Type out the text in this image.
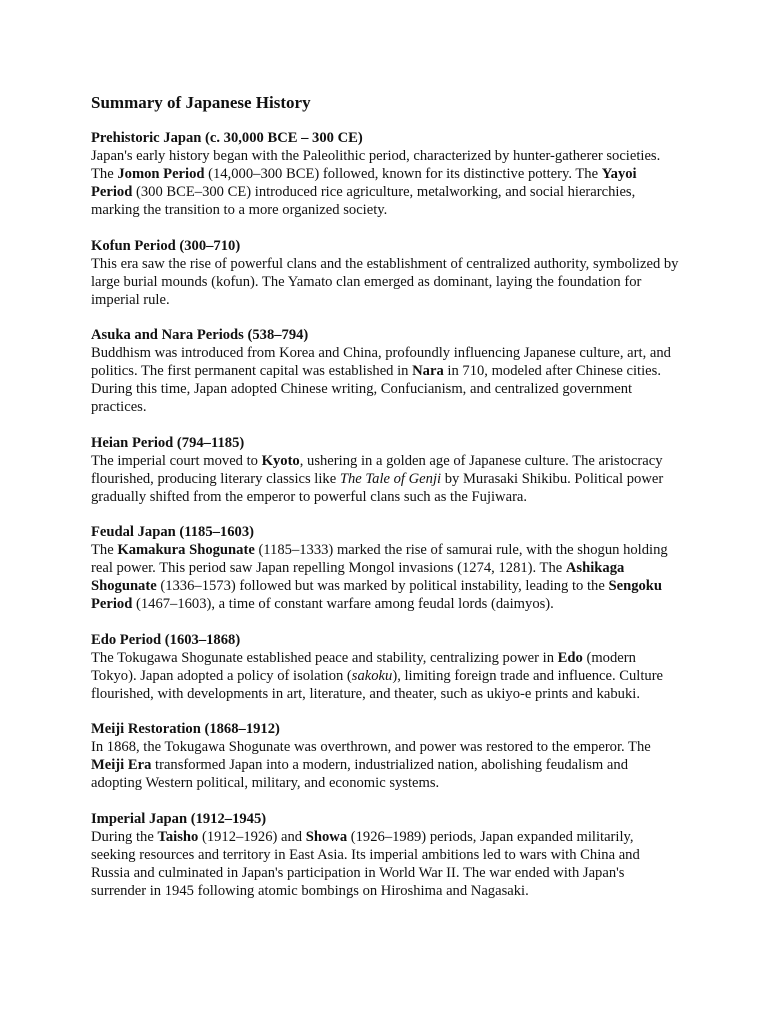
Summary of Japanese History

Prehistoric Japan (c. 30,000 BCE – 300 CE)

Japan's early history began with the Paleolithic period, characterized by hunter-gatherer societies. The Jomon Period (14,000–300 BCE) followed, known for its distinctive pottery. The Yayoi Period (300 BCE–300 CE) introduced rice agriculture, metalworking, and social hierarchies, marking the transition to a more organized society.

Kofun Period (300–710)

This era saw the rise of powerful clans and the establishment of centralized authority, symbolized by large burial mounds (kofun). The Yamato clan emerged as dominant, laying the foundation for imperial rule.

Asuka and Nara Periods (538–794)

Buddhism was introduced from Korea and China, profoundly influencing Japanese culture, art, and politics. The first permanent capital was established in Nara in 710, modeled after Chinese cities. During this time, Japan adopted Chinese writing, Confucianism, and centralized government practices.

Heian Period (794–1185)

The imperial court moved to Kyoto, ushering in a golden age of Japanese culture. The aristocracy flourished, producing literary classics like The Tale of Genji by Murasaki Shikibu. Political power gradually shifted from the emperor to powerful clans such as the Fujiwara.

Feudal Japan (1185–1603)

The Kamakura Shogunate (1185–1333) marked the rise of samurai rule, with the shogun holding real power. This period saw Japan repelling Mongol invasions (1274, 1281). The Ashikaga Shogunate (1336–1573) followed but was marked by political instability, leading to the Sengoku Period (1467–1603), a time of constant warfare among feudal lords (daimyos).

Edo Period (1603–1868)

The Tokugawa Shogunate established peace and stability, centralizing power in Edo (modern Tokyo). Japan adopted a policy of isolation (sakoku), limiting foreign trade and influence. Culture flourished, with developments in art, literature, and theater, such as ukiyo-e prints and kabuki.

Meiji Restoration (1868–1912)

In 1868, the Tokugawa Shogunate was overthrown, and power was restored to the emperor. The Meiji Era transformed Japan into a modern, industrialized nation, abolishing feudalism and adopting Western political, military, and economic systems.

Imperial Japan (1912–1945)

During the Taisho (1912–1926) and Showa (1926–1989) periods, Japan expanded militarily, seeking resources and territory in East Asia. Its imperial ambitions led to wars with China and Russia and culminated in Japan's participation in World War II. The war ended with Japan's surrender in 1945 following atomic bombings on Hiroshima and Nagasaki.
